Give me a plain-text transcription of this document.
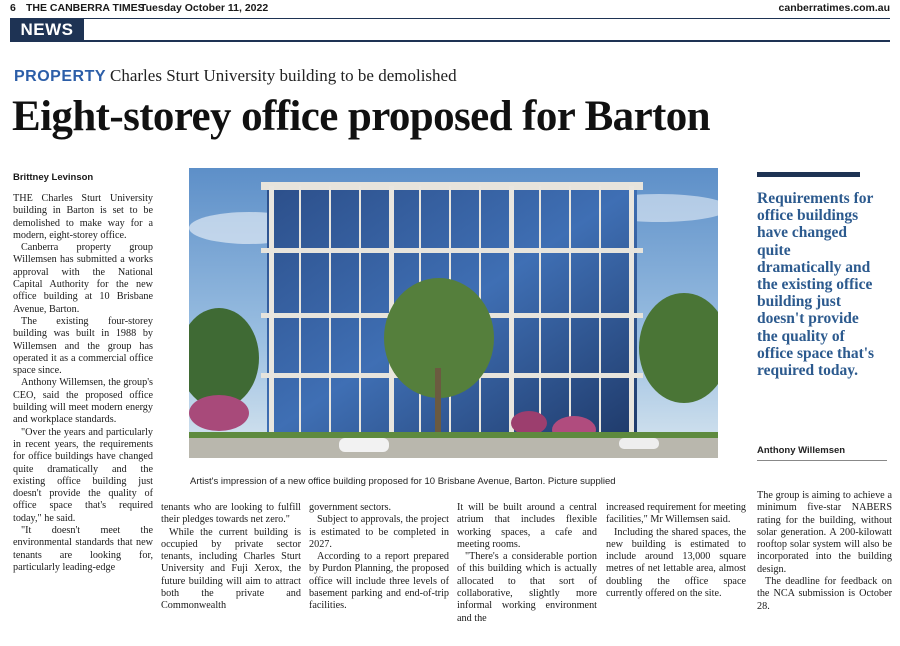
6 THE CANBERRA TIMES
Tuesday October 11, 2022	canberratimes.com.au
NEWS
PROPERTY Charles Sturt University building to be demolished
Eight-storey office proposed for Barton
Brittney Levinson
Artist's impression of a new office building proposed for 10 Brisbane Avenue, Barton. Picture supplied

THE Charles Sturt University building in Barton is set to be demolished to make way for a modern, eight-storey office.

Canberra property group Willemsen has submitted a works approval with the National Capital Authority for the new office building at 10 Brisbane Avenue, Barton.

The existing four-storey building was built in 1988 by Willemsen and the group has operated it as a commercial office space since.

Anthony Willemsen, the group's CEO, said the proposed office building will meet modern energy and workplace standards.

"Over the years and particularly in recent years, the requirements for office buildings have changed quite dramatically and the existing office building just doesn't provide the quality of office space that's required today," he said.

"It doesn't meet the environmental standards that new tenants are looking for, particularly leading-edge

tenants who are looking to fulfill their pledges towards net zero."

While the current building is occupied by private sector tenants, including Charles Sturt University and Fuji Xerox, the future building will aim to attract both the private and Commonwealth

government sectors.

Subject to approvals, the project is estimated to be completed in 2027.

According to a report prepared by Purdon Planning, the proposed office will include three levels of basement parking and end-of-trip facilities.

It will be built around a central atrium that includes flexible working spaces, a cafe and meeting rooms.

"There's a considerable portion of this building which is actually allocated to that sort of collaborative, slightly more informal working environment and the

increased requirement for meeting facilities," Mr Willemsen said.

Including the shared spaces, the new building is estimated to include around 13,000 square metres of net lettable area, almost doubling the office space currently offered on the site.

The group is aiming to achieve a minimum five-star NABERS rating for the building, without solar generation. A 200-kilowatt rooftop solar system will also be incorporated into the building design.

The deadline for feedback on the NCA submission is October 28.

Requirements for office buildings have changed quite dramatically and the existing office building just doesn't provide the quality of office space that's required today.
Anthony Willemsen
